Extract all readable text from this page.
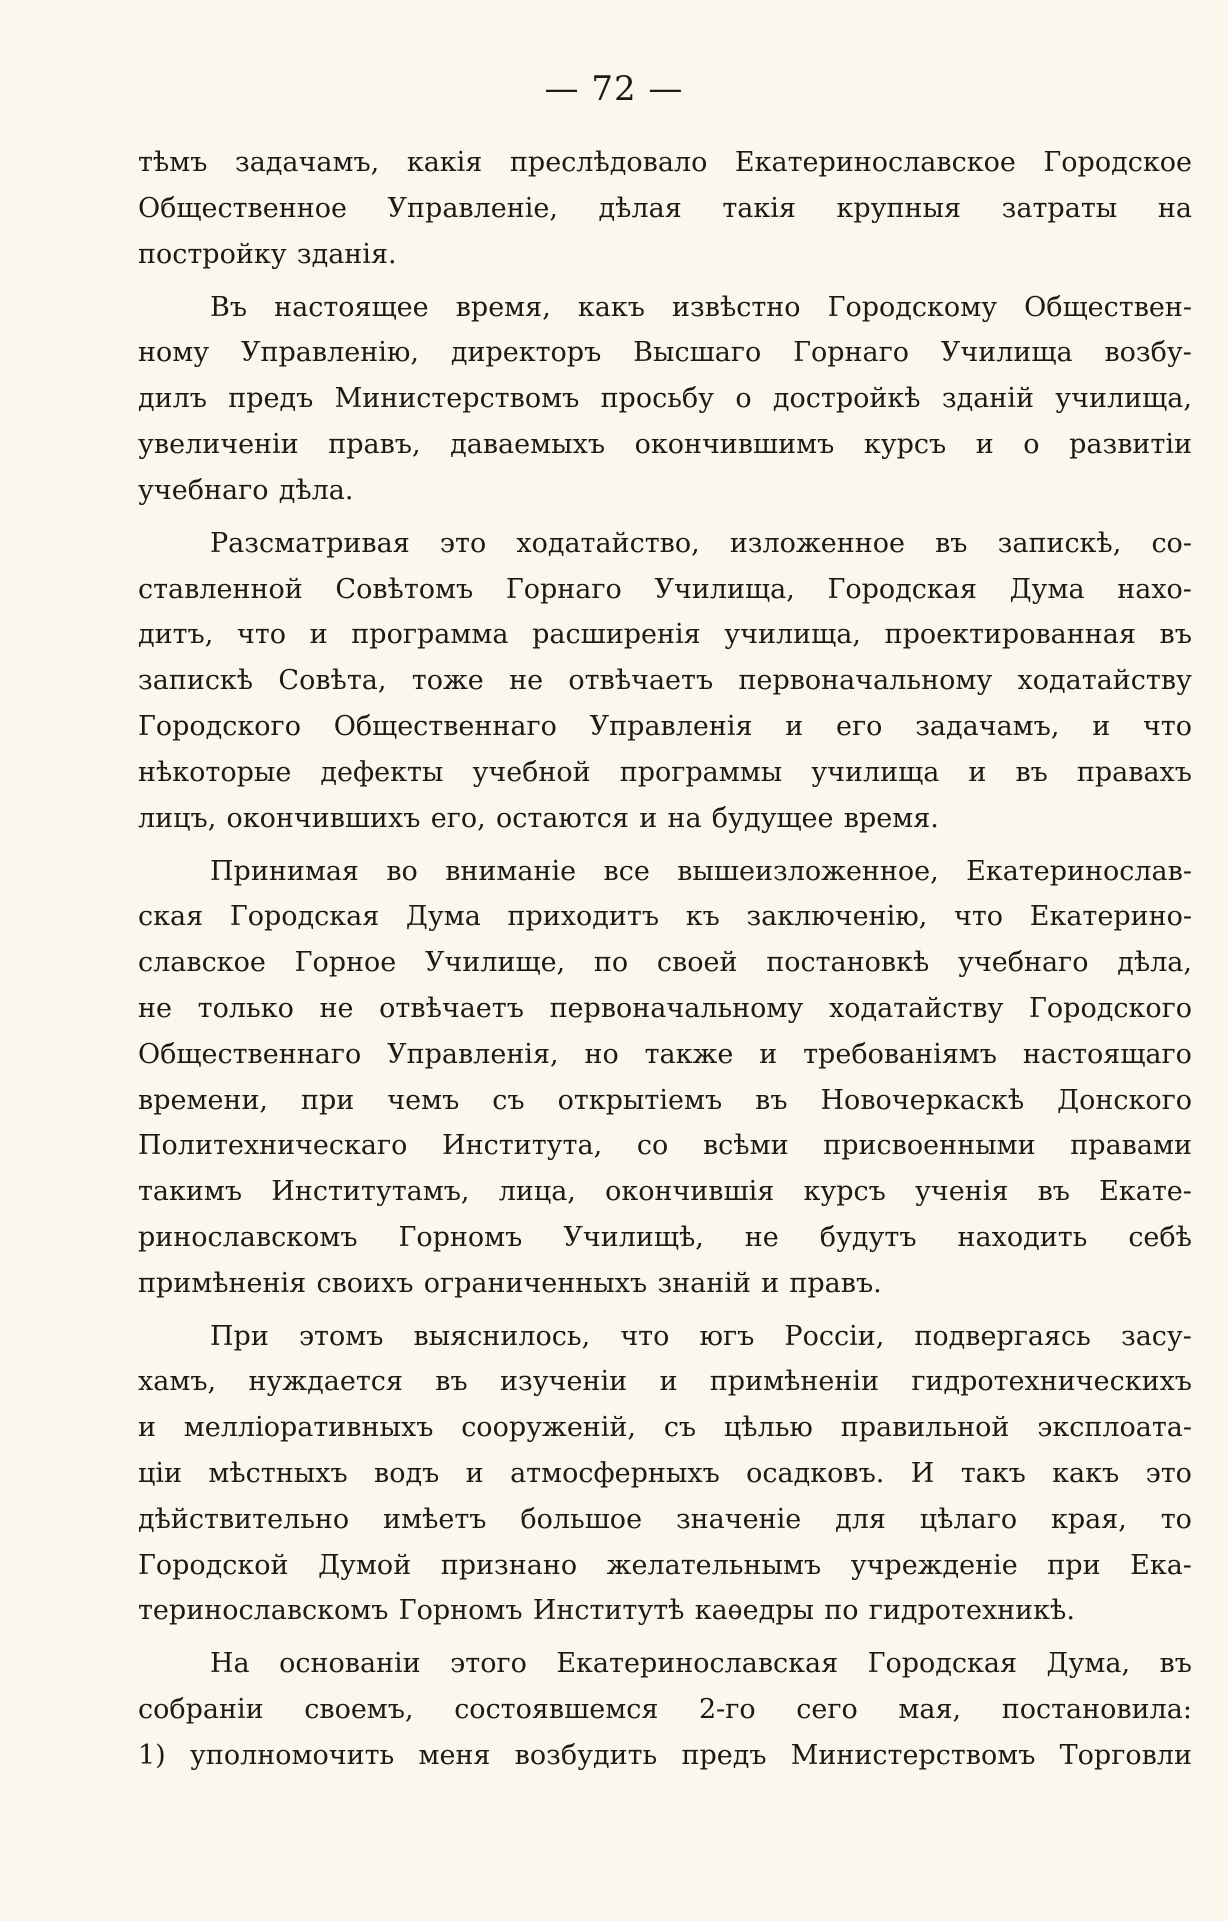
— 72 —
тѣмъ задачамъ, какія преслѣдовало Екатеринославское Городское
Общественное Управленіе, дѣлая такія крупныя затраты на
постройку зданія.
Въ настоящее время, какъ извѣстно Городскому Обществен-
ному Управленію, директоръ Высшаго Горнаго Училища возбу-
дилъ предъ Министерствомъ просьбу о достройкѣ зданій училища,
увеличеніи правъ, даваемыхъ окончившимъ курсъ и о развитіи
учебнаго дѣла.
Разсматривая это ходатайство, изложенное въ запискѣ, со-
ставленной Совѣтомъ Горнаго Училища, Городская Дума нахо-
дитъ, что и программа расширенія училища, проектированная въ
запискѣ Совѣта, тоже не отвѣчаетъ первоначальному ходатайству
Городского Общественнаго Управленія и его задачамъ, и что
нѣкоторые дефекты учебной программы училища и въ правахъ
лицъ, окончившихъ его, остаются и на будущее время.
Принимая во вниманіе все вышеизложенное, Екатеринослав-
ская Городская Дума приходитъ къ заключенію, что Екатерино-
славское Горное Училище, по своей постановкѣ учебнаго дѣла,
не только не отвѣчаетъ первоначальному ходатайству Городского
Общественнаго Управленія, но также и требованіямъ настоящаго
времени, при чемъ съ открытіемъ въ Новочеркаскѣ Донского
Политехническаго Института, со всѣми присвоенными правами
такимъ Институтамъ, лица, окончившія курсъ ученія въ Екате-
ринославскомъ Горномъ Училищѣ, не будутъ находить себѣ
примѣненія своихъ ограниченныхъ знаній и правъ.
При этомъ выяснилось, что югъ Россіи, подвергаясь засу-
хамъ, нуждается въ изученіи и примѣненіи гидротехническихъ
и мелліоративныхъ сооруженій, съ цѣлью правильной эксплоата-
ціи мѣстныхъ водъ и атмосферныхъ осадковъ. И такъ какъ это
дѣйствительно имѣетъ большое значеніе для цѣлаго края, то
Городской Думой признано желательнымъ учрежденіе при Ека-
теринославскомъ Горномъ Институтѣ каѳедры по гидротехникѣ.
На основаніи этого Екатеринославская Городская Дума, въ
собраніи своемъ, состоявшемся 2-го сего мая, постановила:
1) уполномочить меня возбудить предъ Министерствомъ Торговли
